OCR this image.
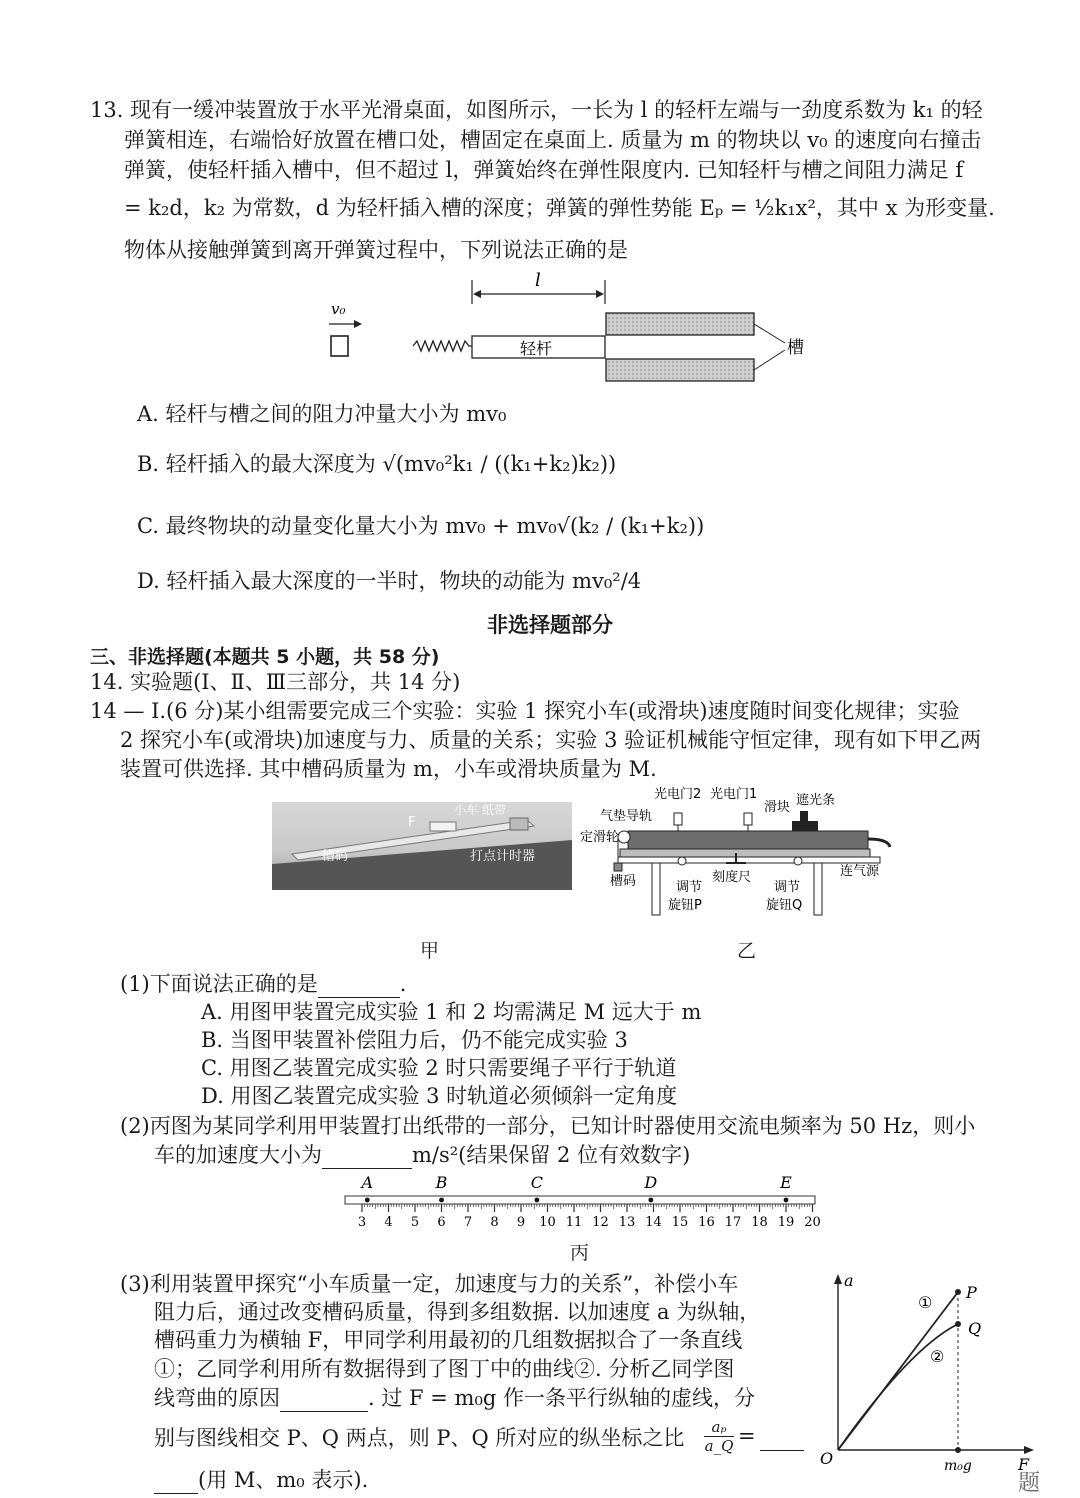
13. 现有一缓冲装置放于水平光滑桌面，如图所示，一长为 l 的轻杆左端与一劲度系数为 k₁ 的轻
弹簧相连，右端恰好放置在槽口处，槽固定在桌面上. 质量为 m 的物块以 v₀ 的速度向右撞击
弹簧，使轻杆插入槽中，但不超过 l，弹簧始终在弹性限度内. 已知轻杆与槽之间阻力满足 f
= k₂d，k₂ 为常数，d 为轻杆插入槽的深度；弹簧的弹性势能 Eₚ = ½k₁x²，其中 x 为形变量.
物体从接触弹簧到离开弹簧过程中，下列说法正确的是
l
v₀
轻杆	槽
A. 轻杆与槽之间的阻力冲量大小为 mv₀
B. 轻杆插入的最大深度为 √(mv₀²k₁ / ((k₁+k₂)k₂))
C. 最终物块的动量变化量大小为 mv₀ + mv₀√(k₂ / (k₁+k₂))
D. 轻杆插入最大深度的一半时，物块的动能为 mv₀²/4
非选择题部分
三、非选择题(本题共 5 小题，共 58 分)
14. 实验题(Ⅰ、Ⅱ、Ⅲ三部分，共 14 分)
14 — Ⅰ.(6 分)某小组需要完成三个实验：实验 1 探究小车(或滑块)速度随时间变化规律；实验
2 探究小车(或滑块)加速度与力、质量的关系；实验 3 验证机械能守恒定律，现有如下甲乙两
装置可供选择. 其中槽码质量为 m，小车或滑块质量为 M.
F
小车 纸带
槽码	打点计时器
甲
光电门2 光电门1
滑块 遮光条
气垫导轨
定滑轮
槽码	刻度尺	连气源
调节
旋钮P
调节
旋钮Q
乙
(1)下面说法正确的是	.
A. 用图甲装置完成实验 1 和 2 均需满足 M 远大于 m
B. 当图甲装置补偿阻力后，仍不能完成实验 3
C. 用图乙装置完成实验 2 时只需要绳子平行于轨道
D. 用图乙装置完成实验 3 时轨道必须倾斜一定角度
(2)丙图为某同学利用甲装置打出纸带的一部分，已知计时器使用交流电频率为 50 Hz，则小
车的加速度大小为	m/s²(结果保留 2 位有效数字)
3 4 5 6 7 8 9 10 11 12 13 14 15 16 17 18 19 20
A	B	C	D	E
丙
(3)利用装置甲探究“小车质量一定，加速度与力的关系”，补偿小车
阻力后，通过改变槽码质量，得到多组数据. 以加速度 a 为纵轴，
槽码重力为横轴 F，甲同学利用最初的几组数据拟合了一条直线
①；乙同学利用所有数据得到了图丁中的曲线②. 分析乙同学图
线弯曲的原因	. 过 F = m₀g 作一条平行纵轴的虚线，分
别与图线相交 P、Q 两点，则 P、Q 所对应的纵坐标之比 $\frac{\text{aₚ}}{a\_Q}$ =
(用 M、m₀ 表示).
a
F
O
P
Q
①
②
m₀g
题
